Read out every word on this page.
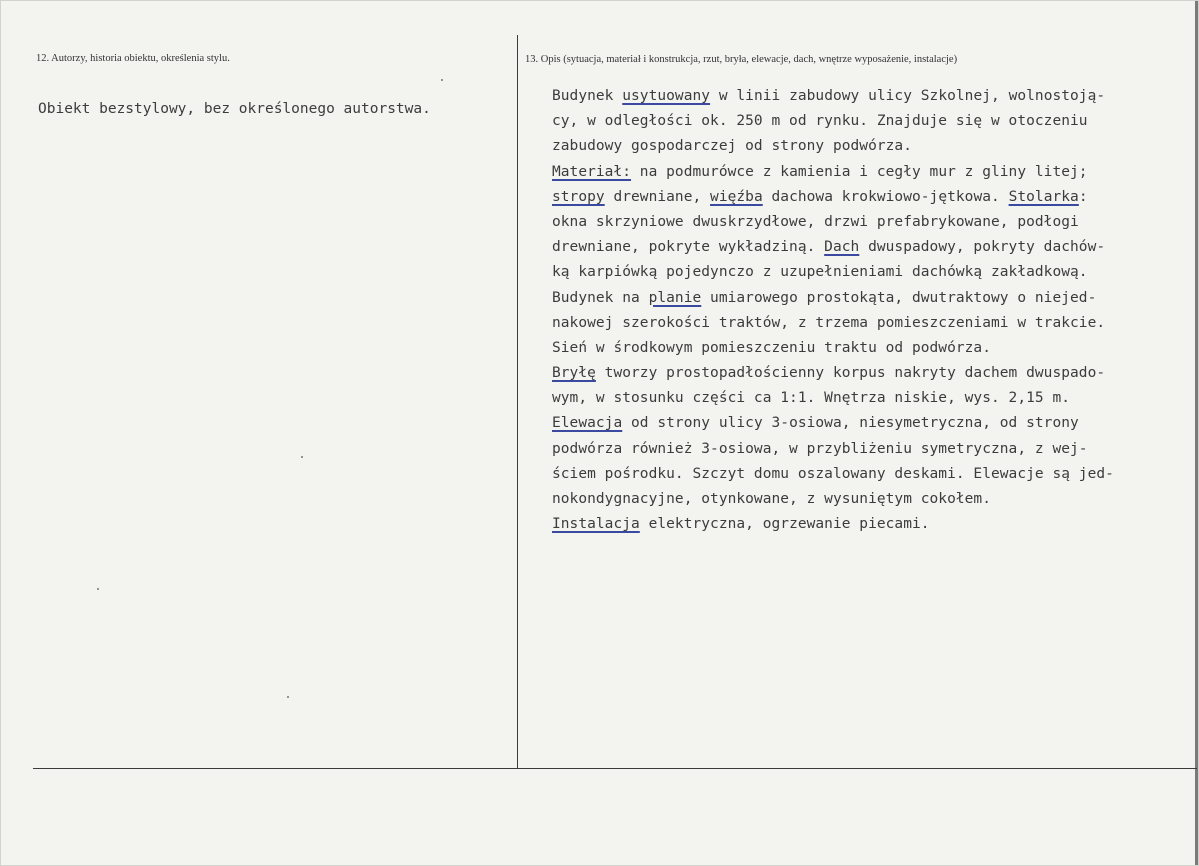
12. Autorzy, historia obiektu, określenia stylu.	13. Opis (sytuacja, materiał i konstrukcja, rzut, bryła, elewacje, dach, wnętrze wyposażenie, instalacje)
Obiekt bezstylowy, bez określonego autorstwa.
Budynek usytuowany w linii zabudowy ulicy Szkolnej, wolnostoją-
cy, w odległości ok. 250 m od rynku. Znajduje się w otoczeniu
zabudowy gospodarczej od strony podwórza.
Materiał: na podmurówce z kamienia i cegły mur z gliny litej;
stropy drewniane, więźba dachowa krokwiowo-jętkowa. Stolarka:
okna skrzyniowe dwuskrzydłowe, drzwi prefabrykowane, podłogi
drewniane, pokryte wykładziną. Dach dwuspadowy, pokryty dachów-
ką karpiówką pojedynczo z uzupełnieniami dachówką zakładkową.
Budynek na planie umiarowego prostokąta, dwutraktowy o niejed-
nakowej szerokości traktów, z trzema pomieszczeniami w trakcie.
Sień w środkowym pomieszczeniu traktu od podwórza.
Bryłę tworzy prostopadłościenny korpus nakryty dachem dwuspado-
wym, w stosunku części ca 1:1. Wnętrza niskie, wys. 2,15 m.
Elewacja od strony ulicy 3-osiowa, niesymetryczna, od strony
podwórza również 3-osiowa, w przybliżeniu symetryczna, z wej-
ściem pośrodku. Szczyt domu oszalowany deskami. Elewacje są jed-
nokondygnacyjne, otynkowane, z wysuniętym cokołem.
Instalacja elektryczna, ogrzewanie piecami.
